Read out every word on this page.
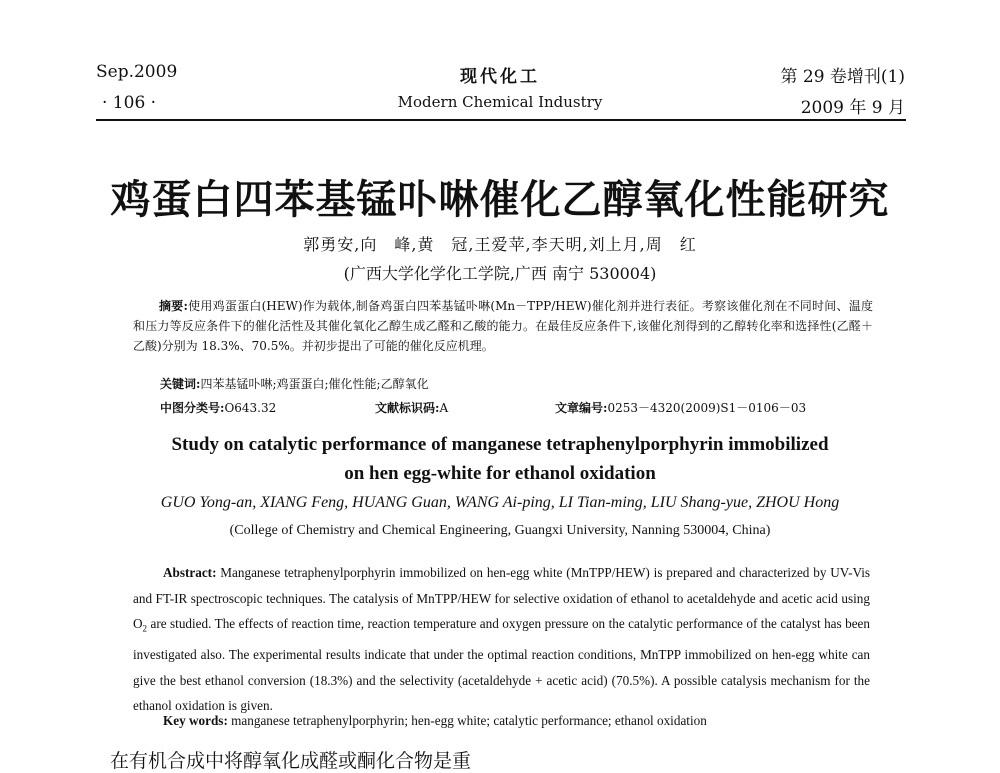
Sep.2009
· 106 ·
现代化工
Modern Chemical Industry
第 29 卷增刊(1)
2009 年 9 月
鸡蛋白四苯基锰卟啉催化乙醇氧化性能研究
郭勇安,向　峰,黄　冠,王爱苹,李天明,刘上月,周　红
(广西大学化学化工学院,广西 南宁 530004)
摘要:使用鸡蛋蛋白(HEW)作为载体,制备鸡蛋白四苯基锰卟啉(Mn－TPP/HEW)催化剂并进行表征。考察该催化剂在不同时间、温度和压力等反应条件下的催化活性及其催化氧化乙醇生成乙醛和乙酸的能力。在最佳反应条件下,该催化剂得到的乙醇转化率和选择性(乙醛＋乙酸)分别为 18.3%、70.5%。并初步提出了可能的催化反应机理。
关键词:四苯基锰卟啉;鸡蛋蛋白;催化性能;乙醇氧化
中图分类号:O643.32	文献标识码:A	文章编号:0253－4320(2009)S1－0106－03
Study on catalytic performance of manganese tetraphenylporphyrin immobilized
on hen egg-white for ethanol oxidation
GUO Yong-an, XIANG Feng, HUANG Guan, WANG Ai-ping, LI Tian-ming, LIU Shang-yue, ZHOU Hong
(College of Chemistry and Chemical Engineering, Guangxi University, Nanning 530004, China)
Abstract: Manganese tetraphenylporphyrin immobilized on hen-egg white (MnTPP/HEW) is prepared and characterized by UV-Vis and FT-IR spectroscopic techniques. The catalysis of MnTPP/HEW for selective oxidation of ethanol to acetaldehyde and acetic acid using $O_2$ are studied. The effects of reaction time, reaction temperature and oxygen pressure on the catalytic performance of the catalyst has been investigated also. The experimental results indicate that under the optimal reaction conditions, MnTPP immobilized on hen-egg white can give the best ethanol conversion (18.3%) and the selectivity (acetaldehyde + acetic acid) (70.5%). A possible catalysis mechanism for the ethanol oxidation is given.
Key words: manganese tetraphenylporphyrin; hen-egg white; catalytic performance; ethanol oxidation
在有机合成中将醇氧化成醛或酮化合物是重
